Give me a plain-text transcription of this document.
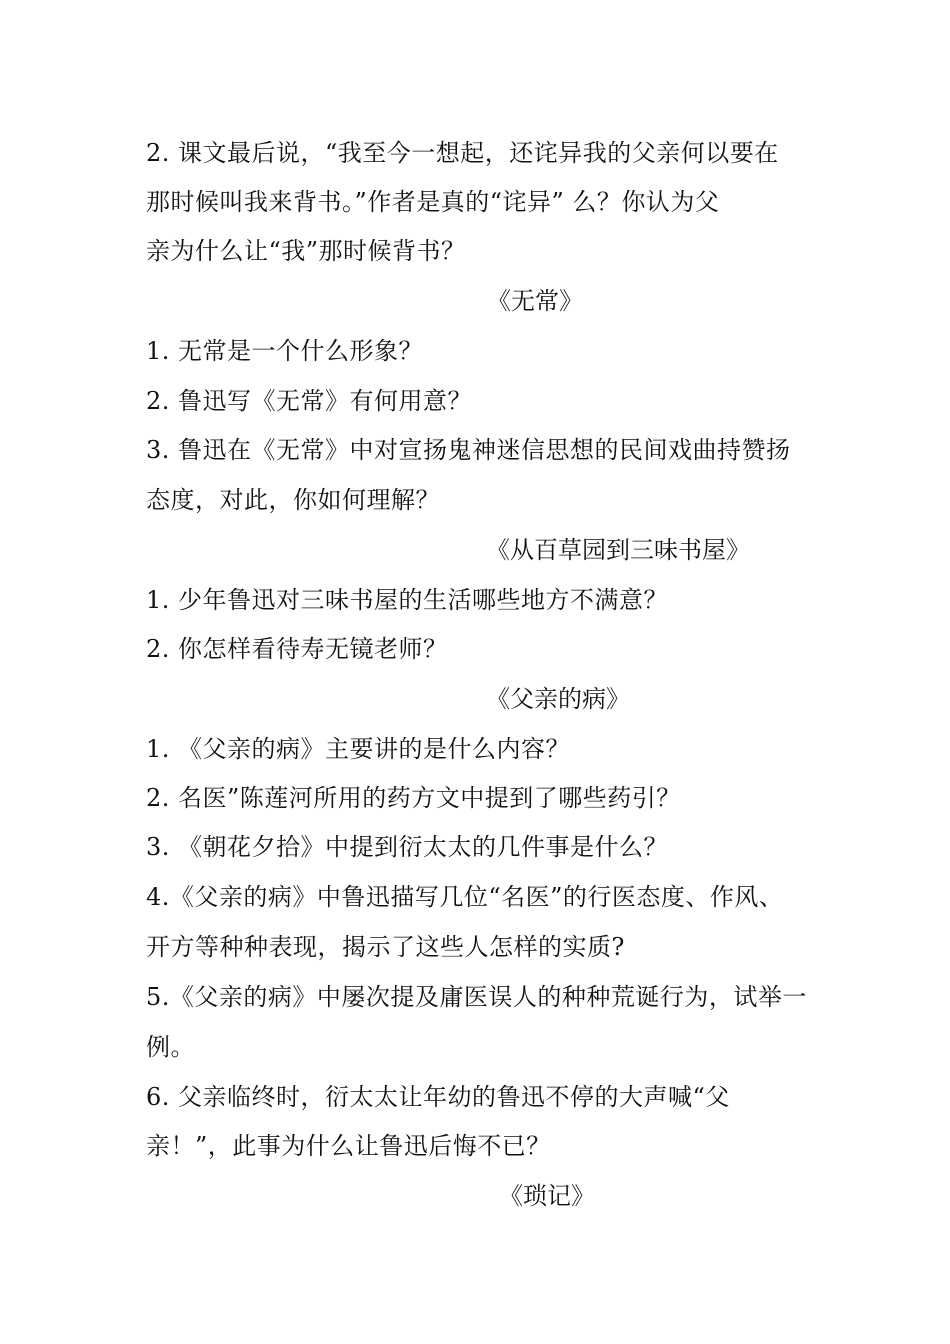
2. 课文最后说，“我至今一想起，还诧异我的父亲何以要在
那时候叫我来背书。”作者是真的“诧异” 么？你认为父
亲为什么让“我”那时候背书？
《无常》
1. 无常是一个什么形象？
2. 鲁迅写《无常》有何用意？
3. 鲁迅在《无常》中对宣扬鬼神迷信思想的民间戏曲持赞扬
态度，对此，你如何理解？
《从百草园到三味书屋》
1. 少年鲁迅对三味书屋的生活哪些地方不满意？
2. 你怎样看待寿无镜老师？
《父亲的病》
1. 《父亲的病》主要讲的是什么内容？
2. 名医”陈莲河所用的药方文中提到了哪些药引？
3. 《朝花夕拾》中提到衍太太的几件事是什么？
4.《父亲的病》中鲁迅描写几位“名医”的行医态度、作风、
开方等种种表现，揭示了这些人怎样的实质?
5.《父亲的病》中屡次提及庸医误人的种种荒诞行为，试举一
例。
6. 父亲临终时，衍太太让年幼的鲁迅不停的大声喊“父
亲！”，此事为什么让鲁迅后悔不已？
《琐记》
